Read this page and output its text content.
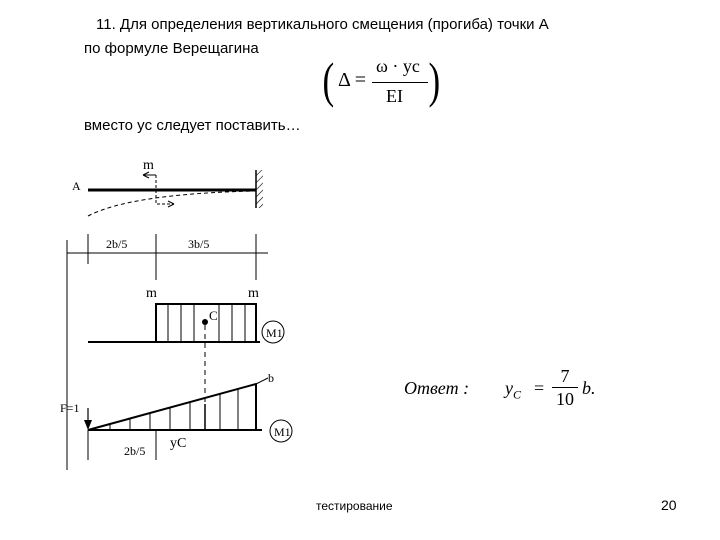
11. Для определения вертикального смещения (прогиба) точки А
по формуле Верещагина
вместо yc следует поставить…
( Δ =
ω · yc
EI )
A
m
2b/5	3b/5
m	m
C
M1
b
F=1
2b/5 yC
M1
Ответ : $y_C$ =
7
10
b.
тестирование	20
